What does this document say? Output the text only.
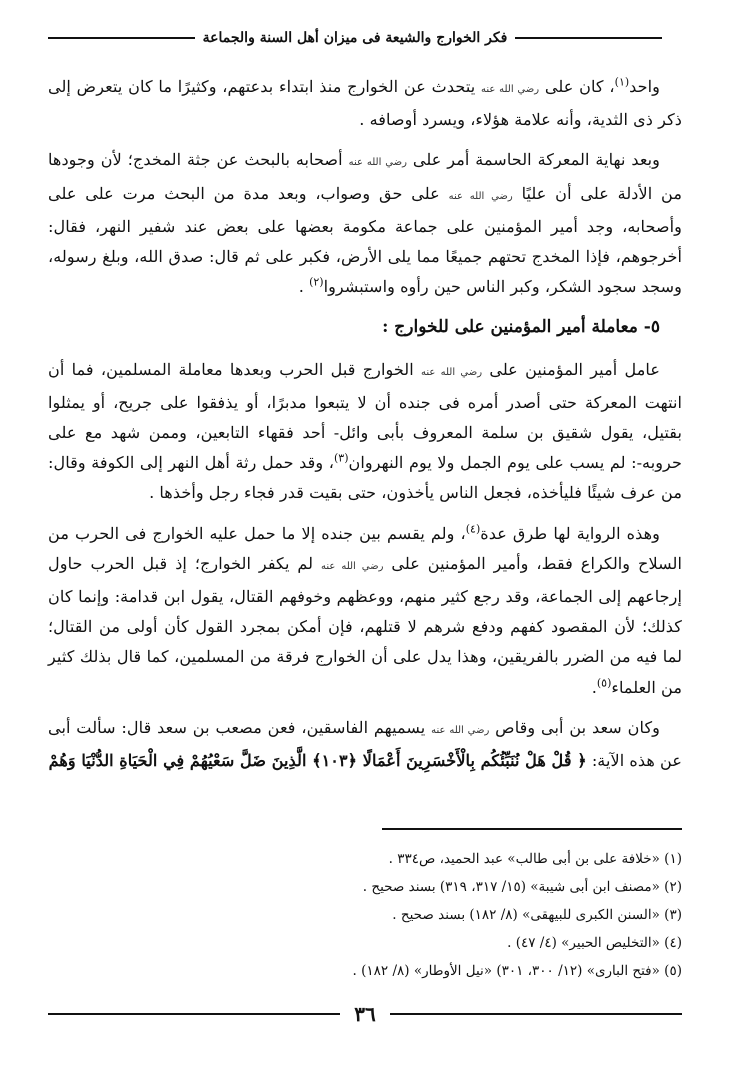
فكر الخوارج والشيعة فى ميزان أهل السنة والجماعة

واحد$^{(١)}$، كان على رضي الله عنه يتحدث عن الخوارج منذ ابتداء بدعتهم، وكثيرًا ما كان يتعرض إلى ذكر ذى الثدية، وأنه علامة هؤلاء، ويسرد أوصافه .

وبعد نهاية المعركة الحاسمة أمر على رضي الله عنه أصحابه بالبحث عن جثة المخدج؛ لأن وجودها من الأدلة على أن عليًا رضي الله عنه على حق وصواب، وبعد مدة من البحث مرت على على وأصحابه، وجد أمير المؤمنين على جماعة مكومة بعضها على بعض عند شفير النهر، فقال: أخرجوهم، فإذا المخدج تحتهم جميعًا مما يلى الأرض، فكبر على ثم قال: صدق الله، وبلغ رسوله، وسجد سجود الشكر، وكبر الناس حين رأوه واستبشروا$^{(٢)}$ .

٥- معاملة أمير المؤمنين على للخوارج :

عامل أمير المؤمنين على رضي الله عنه الخوارج قبل الحرب وبعدها معاملة المسلمين، فما أن انتهت المعركة حتى أصدر أمره فى جنده أن لا يتبعوا مدبرًا، أو يذفقوا على جريح، أو يمثلوا بقتيل، يقول شقيق بن سلمة المعروف بأبى وائل- أحد فقهاء التابعين، وممن شهد مع على حروبه-: لم يسب على يوم الجمل ولا يوم النهروان$^{(٣)}$، وقد حمل رثة أهل النهر إلى الكوفة وقال: من عرف شيئًا فليأخذه، فجعل الناس يأخذون، حتى بقيت قدر فجاء رجل وأخذها .

وهذه الرواية لها طرق عدة$^{(٤)}$، ولم يقسم بين جنده إلا ما حمل عليه الخوارج فى الحرب من السلاح والكراع فقط، وأمير المؤمنين على رضي الله عنه لم يكفر الخوارج؛ إذ قبل الحرب حاول إرجاعهم إلى الجماعة، وقد رجع كثير منهم، ووعظهم وخوفهم القتال، يقول ابن قدامة: وإنما كان كذلك؛ لأن المقصود كفهم ودفع شرهم لا قتلهم، فإن أمكن بمجرد القول كأن أولى من القتال؛ لما فيه من الضرر بالفريقين، وهذا يدل على أن الخوارج فرقة من المسلمين، كما قال بذلك كثير من العلماء$^{(٥)}$.

وكان سعد بن أبى وقاص رضي الله عنه يسميهم الفاسقين، فعن مصعب بن سعد قال: سألت أبى عن هذه الآية: ﴿ قُلْ هَلْ نُنَبِّئُكُم بِالْأَخْسَرِينَ أَعْمَالًا ﴿١٠٣﴾ الَّذِينَ ضَلَّ سَعْيُهُمْ فِي الْحَيَاةِ الدُّنْيَا وَهُمْ

(١) «خلافة على بن أبى طالب» عبد الحميد، ص٣٣٤ .
(٢) «مصنف ابن أبى شيبة» (١٥/ ٣١٧، ٣١٩) بسند صحيح .
(٣) «السنن الكبرى للبيهقى» (٨/ ١٨٢) بسند صحيح .
(٤) «التخليص الحبير» (٤/ ٤٧) .
(٥) «فتح البارى» (١٢/ ٣٠٠، ٣٠١) «نيل الأوطار» (٨/ ١٨٢) .
٣٦
